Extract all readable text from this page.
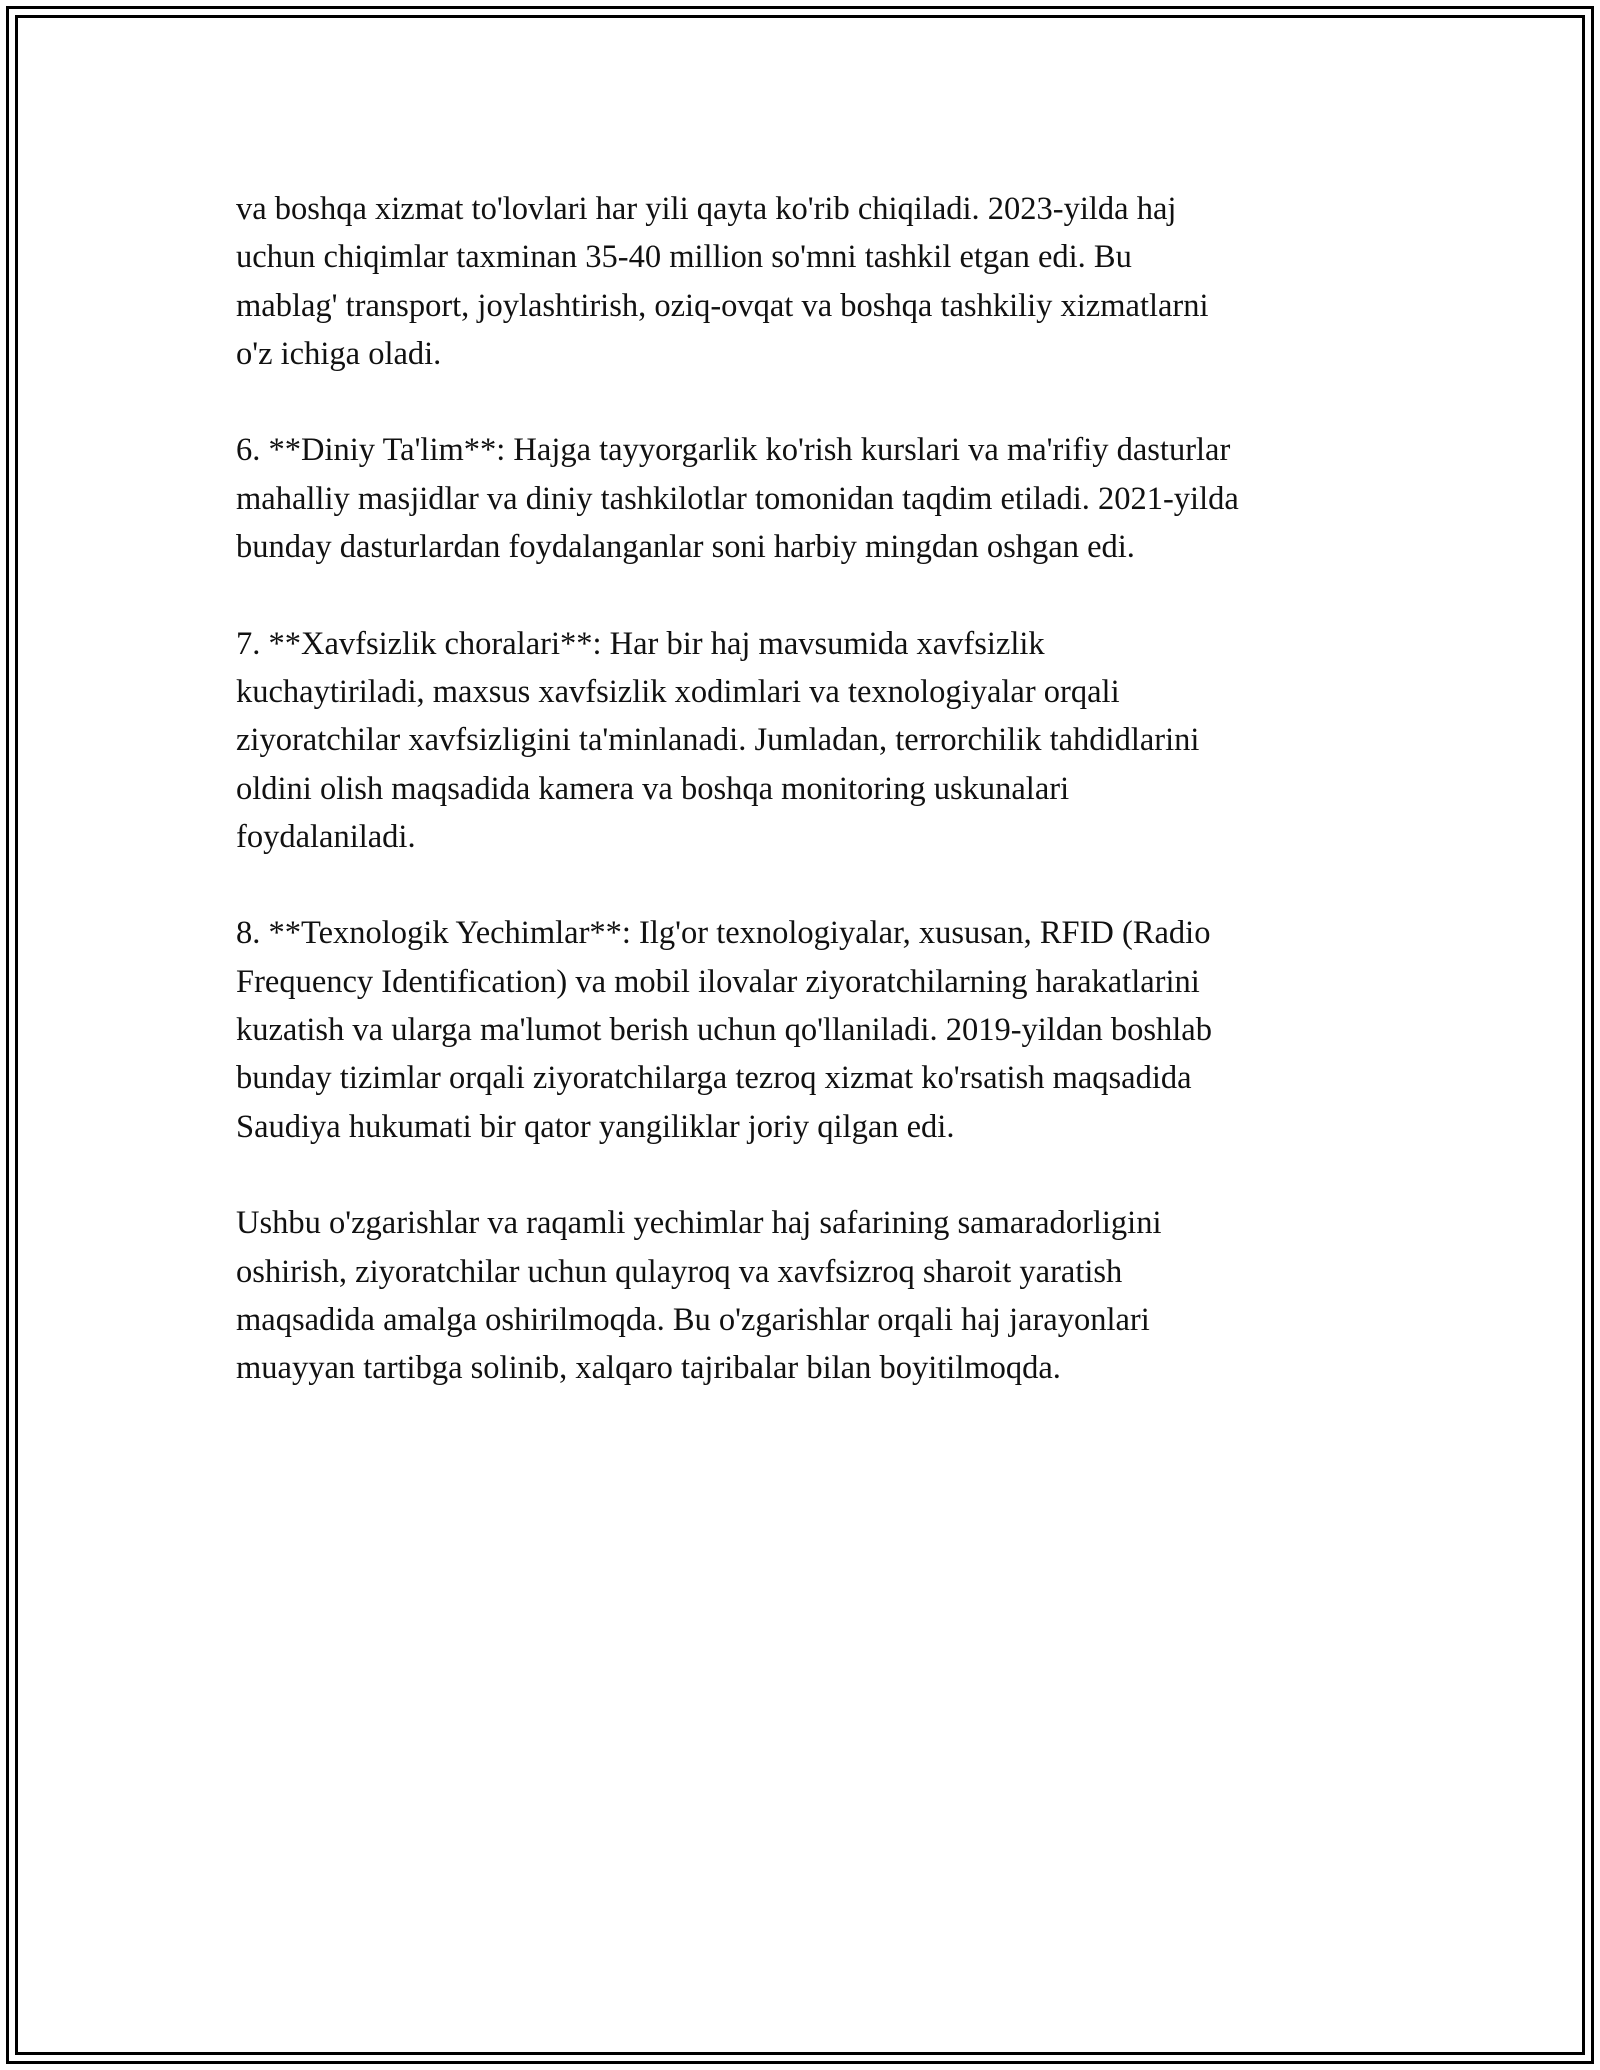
va boshqa xizmat to'lovlari har yili qayta ko'rib chiqiladi. 2023-yilda haj
uchun chiqimlar taxminan 35-40 million so'mni tashkil etgan edi. Bu
mablag' transport, joylashtirish, oziq-ovqat va boshqa tashkiliy xizmatlarni
o'z ichiga oladi.

6. **Diniy Ta'lim**: Hajga tayyorgarlik ko'rish kurslari va ma'rifiy dasturlar
mahalliy masjidlar va diniy tashkilotlar tomonidan taqdim etiladi. 2021-yilda
bunday dasturlardan foydalanganlar soni harbiy mingdan oshgan edi.

7. **Xavfsizlik choralari**: Har bir haj mavsumida xavfsizlik
kuchaytiriladi, maxsus xavfsizlik xodimlari va texnologiyalar orqali
ziyoratchilar xavfsizligini ta'minlanadi. Jumladan, terrorchilik tahdidlarini
oldini olish maqsadida kamera va boshqa monitoring uskunalari
foydalaniladi.

8. **Texnologik Yechimlar**: Ilg'or texnologiyalar, xususan, RFID (Radio
Frequency Identification) va mobil ilovalar ziyoratchilarning harakatlarini
kuzatish va ularga ma'lumot berish uchun qo'llaniladi. 2019-yildan boshlab
bunday tizimlar orqali ziyoratchilarga tezroq xizmat ko'rsatish maqsadida
Saudiya hukumati bir qator yangiliklar joriy qilgan edi.

Ushbu o'zgarishlar va raqamli yechimlar haj safarining samaradorligini
oshirish, ziyoratchilar uchun qulayroq va xavfsizroq sharoit yaratish
maqsadida amalga oshirilmoqda. Bu o'zgarishlar orqali haj jarayonlari
muayyan tartibga solinib, xalqaro tajribalar bilan boyitilmoqda.
